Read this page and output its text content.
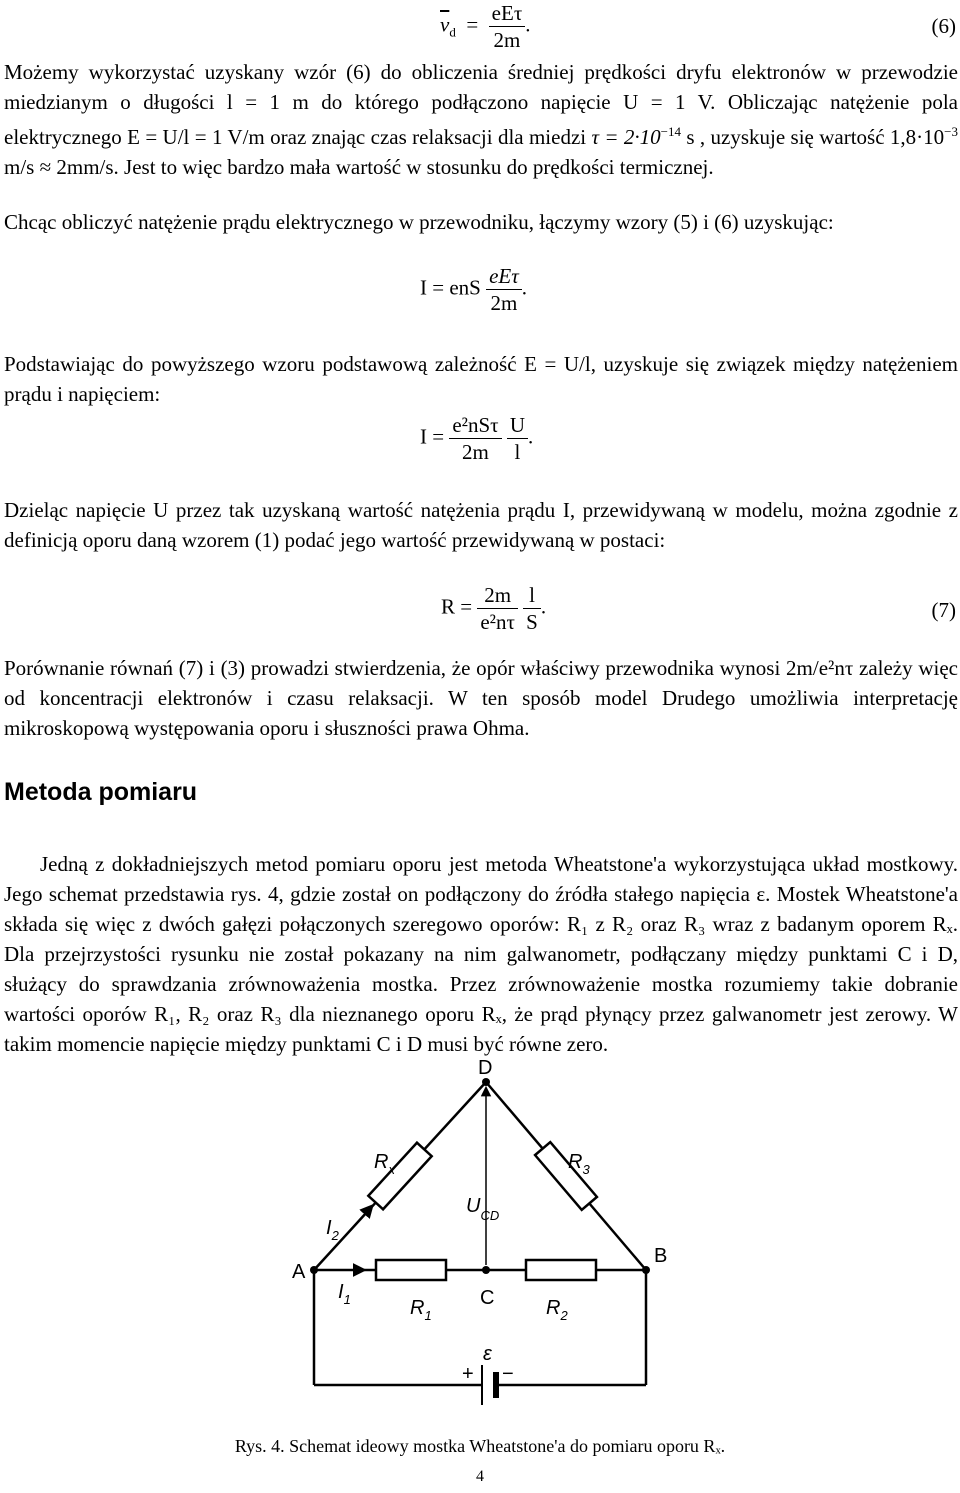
$\overline{v}_d = \frac{\text{eEτ}}{2m}$ .	(6)

Możemy wykorzystać uzyskany wzór (6) do obliczenia średniej prędkości dryfu elektronów w przewodzie miedzianym o długości l = 1 m do którego podłączono napięcie U = 1 V. Obliczając natężenie pola elektrycznego E = U/l = 1 V/m oraz znając czas relaksacji dla miedzi $\tau = 2\cdot 10^{-14}$ s , uzyskuje się wartość $1,8\cdot 10^{-3}$ m/s ≈ 2mm/s. Jest to więc bardzo mała wartość w stosunku do prędkości termicznej.

Chcąc obliczyć natężenie prądu elektrycznego w przewodniku, łączymy wzory (5) i (6) uzyskując:

I = enS $\frac{\text{eEτ}}{2m}$ .

Podstawiając do powyższego wzoru podstawową zależność E = U/l, uzyskuje się związek między natężeniem prądu i napięciem:

$I = \frac{\text{e²nSτ}}{2m}$
$\frac{U}{l}$ .

Dzieląc napięcie U przez tak uzyskaną wartość natężenia prądu I, przewidywaną w modelu, można zgodnie z definicją oporu daną wzorem (1) podać jego wartość przewidywaną w postaci:

$R = \frac{2m}{\text{e²nτ}}$
$\frac{l}{S}$ .	(7)

Porównanie równań (7) i (3) prowadzi stwierdzenia, że opór właściwy przewodnika wynosi 2m/e²nτ zależy więc od koncentracji elektronów i czasu relaksacji. W ten sposób model Drudego umożliwia interpretację mikroskopową występowania oporu i słuszności prawa Ohma.

Metoda pomiaru

Jedną z dokładniejszych metod pomiaru oporu jest metoda Wheatstone'a wykorzystująca układ mostkowy. Jego schemat przedstawia rys. 4, gdzie został on podłączony do źródła stałego napięcia ε. Mostek Wheatstone'a składa się więc z dwóch gałęzi połączonych szeregowo oporów: R₁ z R₂ oraz R₃ wraz z badanym oporem Rₓ. Dla przejrzystości rysunku nie został pokazany na nim galwanometr, podłączany między punktami C i D, służący do sprawdzania zrównoważenia mostka. Przez zrównoważenie mostka rozumiemy takie dobranie wartości oporów R₁, R₂ oraz R₃ dla nieznanego oporu Rₓ, że prąd płynący przez galwanometr jest zerowy. W takim momencie napięcie między punktami C i D musi być równe zero.

D
A
B
C
$R_x$	$R_3$
$R_1$	$R_2$
$I_2$
$I_1$
$U_{CD}$
ε
+ −
Rys. 4. Schemat ideowy mostka Wheatstone'a do pomiaru oporu Rₓ.
4
